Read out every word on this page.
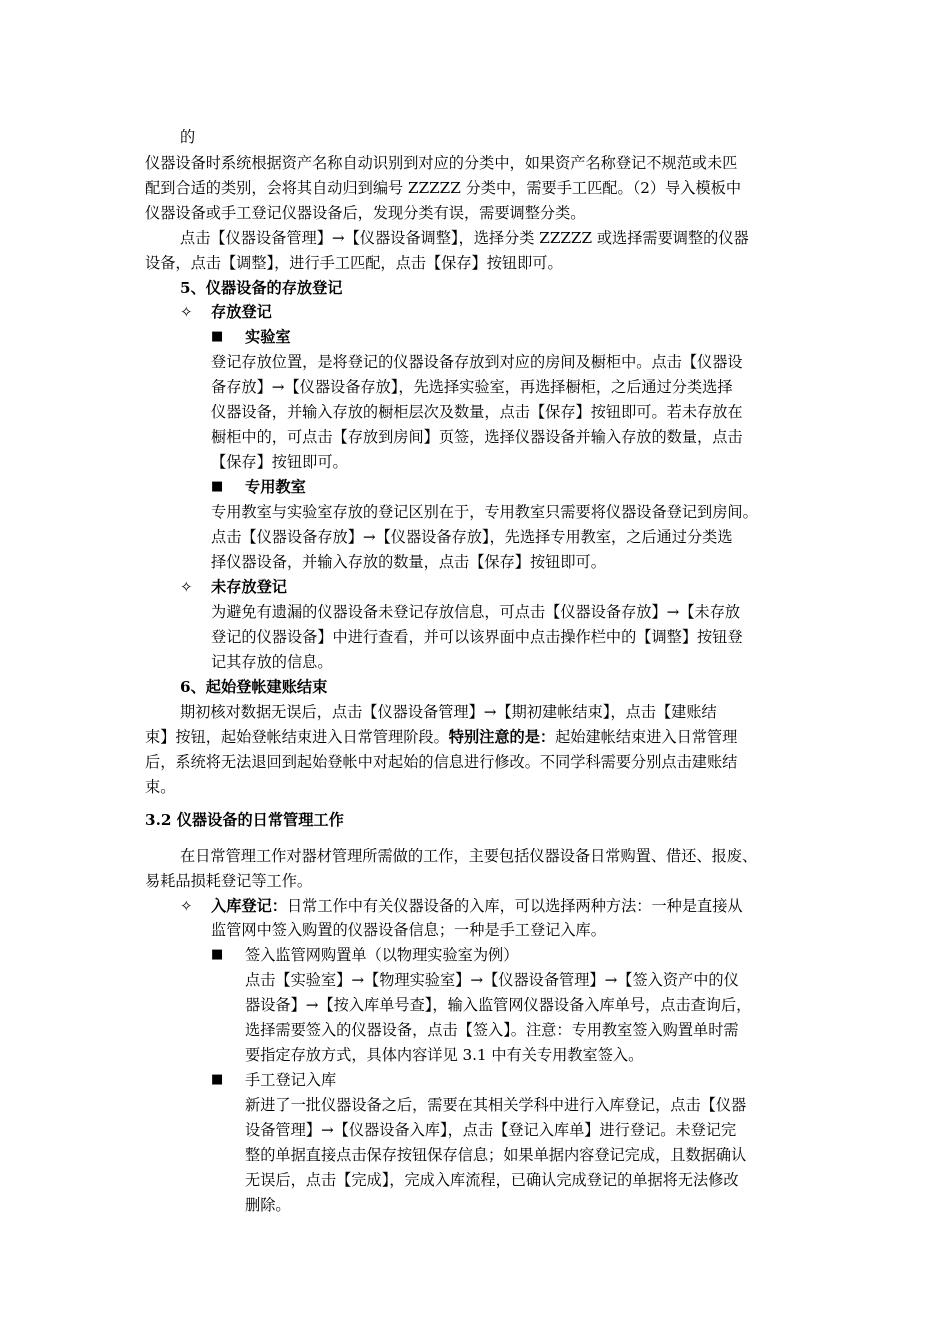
的
仪器设备时系统根据资产名称自动识别到对应的分类中，如果资产名称登记不规范或未匹
配到合适的类别，会将其自动归到编号 ZZZZZ 分类中，需要手工匹配。（2）导入模板中
仪器设备或手工登记仪器设备后，发现分类有误，需要调整分类。
点击【仪器设备管理】→【仪器设备调整】，选择分类 ZZZZZ 或选择需要调整的仪器
设备，点击【调整】，进行手工匹配，点击【保存】按钮即可。
5、仪器设备的存放登记
✧ 存放登记
■ 实验室
登记存放位置，是将登记的仪器设备存放到对应的房间及橱柜中。点击【仪器设
备存放】→【仪器设备存放】，先选择实验室，再选择橱柜，之后通过分类选择
仪器设备，并输入存放的橱柜层次及数量，点击【保存】按钮即可。若未存放在
橱柜中的，可点击【存放到房间】页签，选择仪器设备并输入存放的数量，点击
【保存】按钮即可。
■ 专用教室
专用教室与实验室存放的登记区别在于，专用教室只需要将仪器设备登记到房间。
点击【仪器设备存放】→【仪器设备存放】，先选择专用教室，之后通过分类选
择仪器设备，并输入存放的数量，点击【保存】按钮即可。
✧ 未存放登记
为避免有遗漏的仪器设备未登记存放信息，可点击【仪器设备存放】→【未存放
登记的仪器设备】中进行查看，并可以该界面中点击操作栏中的【调整】按钮登
记其存放的信息。
6、起始登帐建账结束
期初核对数据无误后，点击【仪器设备管理】→【期初建帐结束】，点击【建账结
束】按钮，起始登帐结束进入日常管理阶段。特别注意的是：起始建帐结束进入日常管理
后，系统将无法退回到起始登帐中对起始的信息进行修改。不同学科需要分别点击建账结
束。
3.2 仪器设备的日常管理工作
在日常管理工作对器材管理所需做的工作，主要包括仪器设备日常购置、借还、报废、
易耗品损耗登记等工作。
✧ 入库登记：日常工作中有关仪器设备的入库，可以选择两种方法：一种是直接从
监管网中签入购置的仪器设备信息；一种是手工登记入库。
■ 签入监管网购置单（以物理实验室为例）
点击【实验室】→【物理实验室】→【仪器设备管理】→【签入资产中的仪
器设备】→【按入库单号查】，输入监管网仪器设备入库单号，点击查询后，
选择需要签入的仪器设备，点击【签入】。注意：专用教室签入购置单时需
要指定存放方式，具体内容详见 3.1 中有关专用教室签入。
■ 手工登记入库
新进了一批仪器设备之后，需要在其相关学科中进行入库登记，点击【仪器
设备管理】→【仪器设备入库】，点击【登记入库单】进行登记。未登记完
整的单据直接点击保存按钮保存信息；如果单据内容登记完成，且数据确认
无误后，点击【完成】，完成入库流程，已确认完成登记的单据将无法修改
删除。
